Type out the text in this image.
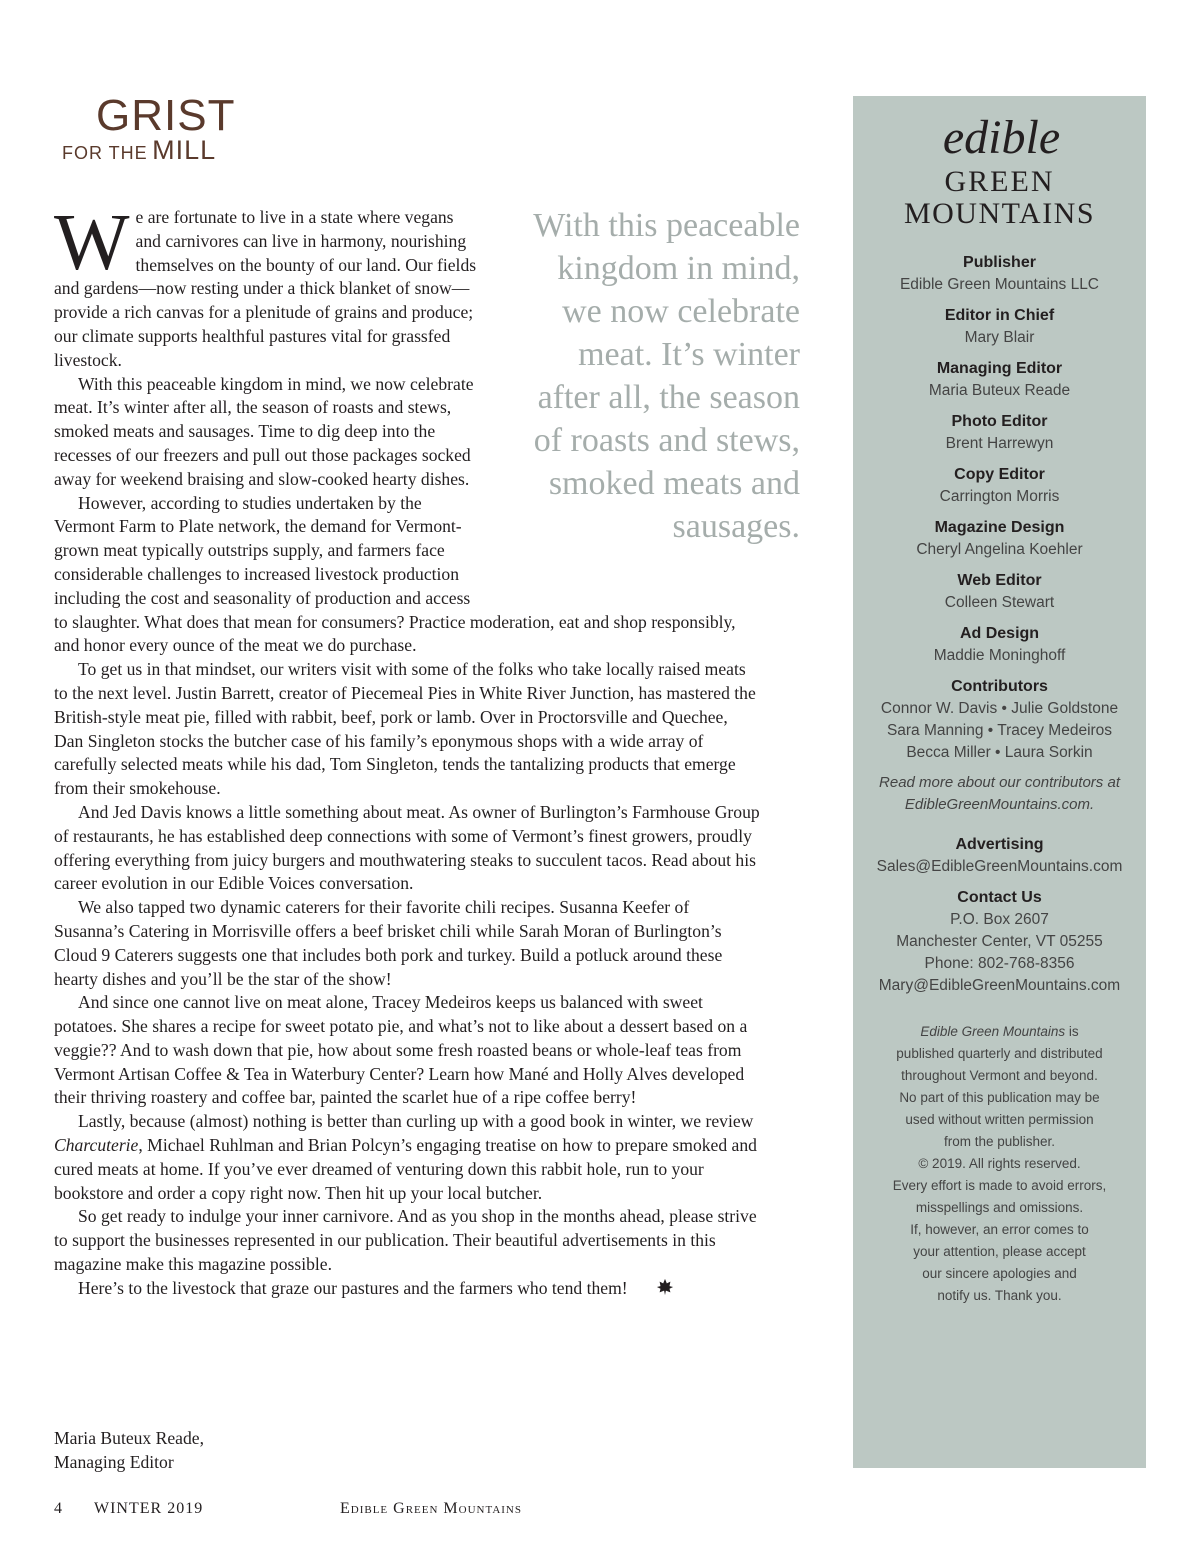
GRIST
FOR THE MILL
With this peaceable kingdom in mind, we now celebrate meat. It’s winter after all, the season of roasts and stews, smoked meats and sausages.
W e are fortunate to live in a state where vegans and carnivores can live in harmony, nourishing themselves on the bounty of our land. Our fields and gardens—now resting under a thick blanket of snow—provide a rich canvas for a plenitude of grains and produce; our climate supports healthful pastures vital for grassfed livestock.

With this peaceable kingdom in mind, we now celebrate meat. It’s winter after all, the season of roasts and stews, smoked meats and sausages. Time to dig deep into the recesses of our freezers and pull out those packages socked away for weekend braising and slow-cooked hearty dishes.

However, according to studies undertaken by the Vermont Farm to Plate network, the demand for Vermont-grown meat typically outstrips supply, and farmers face considerable challenges to increased livestock production including the cost and seasonality of production and access to slaughter. What does that mean for consumers? Practice moderation, eat and shop responsibly, and honor every ounce of the meat we do purchase.

To get us in that mindset, our writers visit with some of the folks who take locally raised meats to the next level. Justin Barrett, creator of Piecemeal Pies in White River Junction, has mastered the British-style meat pie, filled with rabbit, beef, pork or lamb. Over in Proctorsville and Quechee, Dan Singleton stocks the butcher case of his family’s eponymous shops with a wide array of carefully selected meats while his dad, Tom Singleton, tends the tantalizing products that emerge from their smokehouse.

And Jed Davis knows a little something about meat. As owner of Burlington’s Farmhouse Group of restaurants, he has established deep connections with some of Vermont’s finest growers, proudly offering everything from juicy burgers and mouthwatering steaks to succulent tacos. Read about his career evolution in our Edible Voices conversation.

We also tapped two dynamic caterers for their favorite chili recipes. Susanna Keefer of Susanna’s Catering in Morrisville offers a beef brisket chili while Sarah Moran of Burlington’s Cloud 9 Caterers suggests one that includes both pork and turkey. Build a potluck around these hearty dishes and you’ll be the star of the show!

And since one cannot live on meat alone, Tracey Medeiros keeps us balanced with sweet potatoes. She shares a recipe for sweet potato pie, and what’s not to like about a dessert based on a veggie?? And to wash down that pie, how about some fresh roasted beans or whole-leaf teas from Vermont Artisan Coffee & Tea in Waterbury Center? Learn how Mané and Holly Alves developed their thriving roastery and coffee bar, painted the scarlet hue of a ripe coffee berry!

Lastly, because (almost) nothing is better than curling up with a good book in winter, we review Charcuterie, Michael Ruhlman and Brian Polcyn’s engaging treatise on how to prepare smoked and cured meats at home. If you’ve ever dreamed of venturing down this rabbit hole, run to your bookstore and order a copy right now. Then hit up your local butcher.

So get ready to indulge your inner carnivore. And as you shop in the months ahead, please strive to support the businesses represented in our publication. Their beautiful advertisements in this magazine make this magazine possible.

Here’s to the livestock that graze our pastures and the farmers who tend them!

Maria Buteux Reade,
Managing Editor
4 WINTER 2019	Edible Green Mountains
edible
GREEN
MOUNTAINS
Publisher
Edible Green Mountains LLC
Editor in Chief
Mary Blair
Managing Editor
Maria Buteux Reade
Photo Editor
Brent Harrewyn
Copy Editor
Carrington Morris
Magazine Design
Cheryl Angelina Koehler
Web Editor
Colleen Stewart
Ad Design
Maddie Moninghoff
Contributors
Connor W. Davis • Julie Goldstone
Sara Manning • Tracey Medeiros
Becca Miller • Laura Sorkin
Read more about our contributors at
EdibleGreenMountains.com.
Advertising
Sales@EdibleGreenMountains.com
Contact Us
P.O. Box 2607
Manchester Center, VT 05255
Phone: 802-768-8356
Mary@EdibleGreenMountains.com
Edible Green Mountains is
published quarterly and distributed
throughout Vermont and beyond.
No part of this publication may be
used without written permission
from the publisher.
© 2019. All rights reserved.
Every effort is made to avoid errors,
misspellings and omissions.
If, however, an error comes to
your attention, please accept
our sincere apologies and
notify us. Thank you.
